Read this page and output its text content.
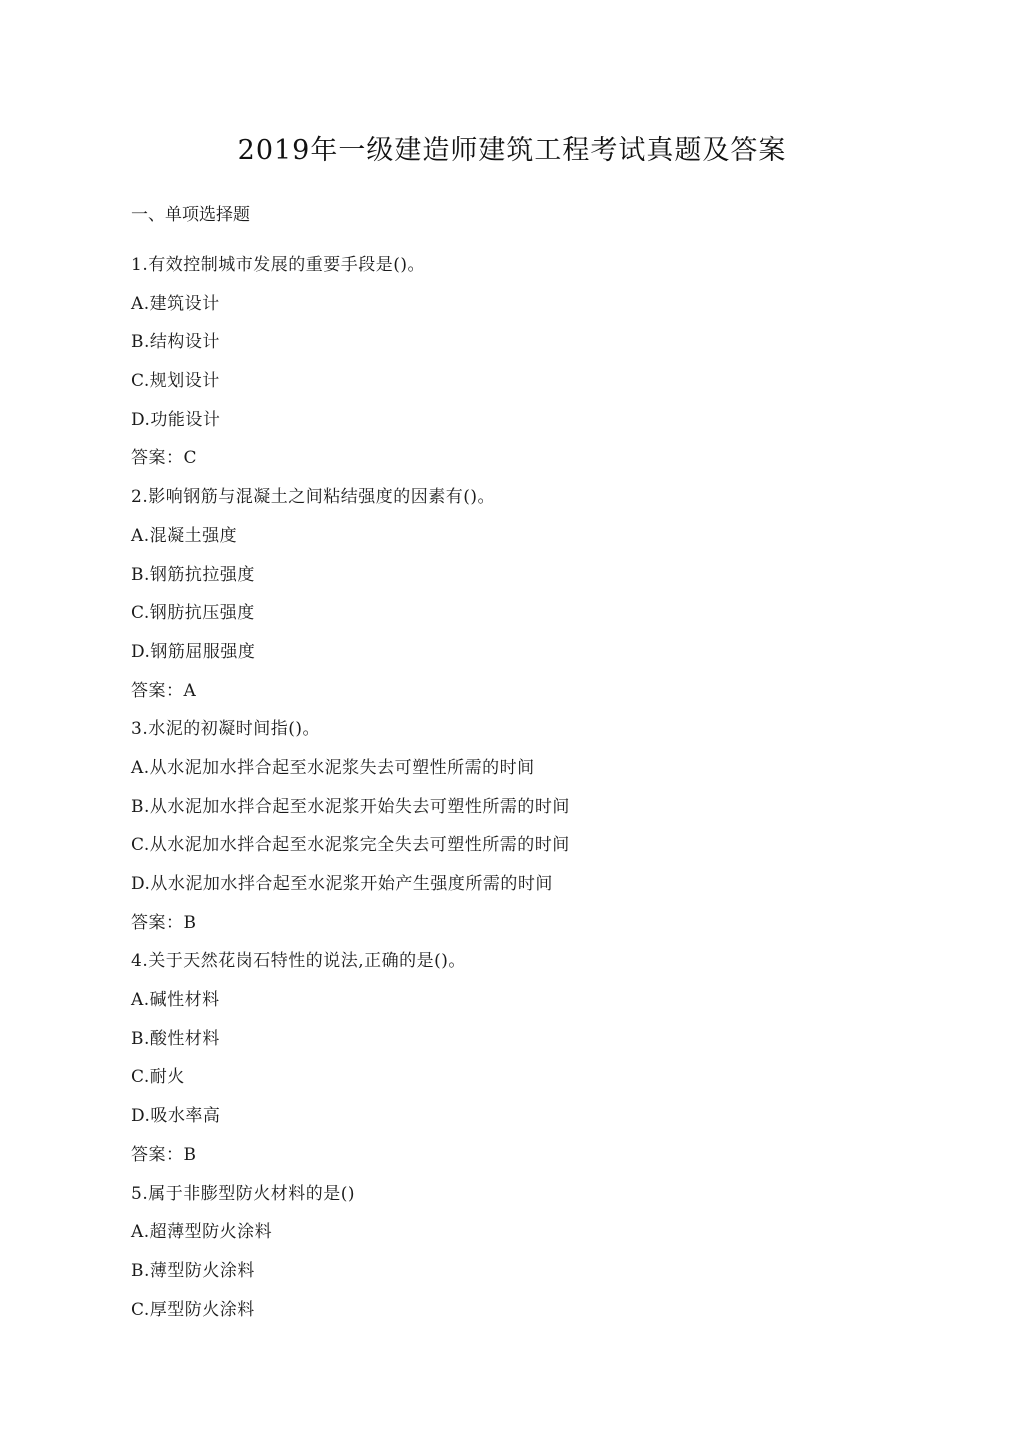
2019年一级建造师建筑工程考试真题及答案
一、单项选择题
1.有效控制城市发展的重要手段是()。
A.建筑设计
B.结构设计
C.规划设计
D.功能设计
答案：C
2.影响钢筋与混凝土之间粘结强度的因素有()。
A.混凝土强度
B.钢筋抗拉强度
C.钢肪抗压强度
D.钢筋屈服强度
答案：A
3.水泥的初凝时间指()。
A.从水泥加水拌合起至水泥浆失去可塑性所需的时间
B.从水泥加水拌合起至水泥浆开始失去可塑性所需的时间
C.从水泥加水拌合起至水泥浆完全失去可塑性所需的时间
D.从水泥加水拌合起至水泥浆开始产生强度所需的时间
答案：B
4.关于天然花岗石特性的说法,正确的是()。
A.碱性材料
B.酸性材料
C.耐火
D.吸水率高
答案：B
5.属于非膨型防火材料的是()
A.超薄型防火涂料
B.薄型防火涂料
C.厚型防火涂料
